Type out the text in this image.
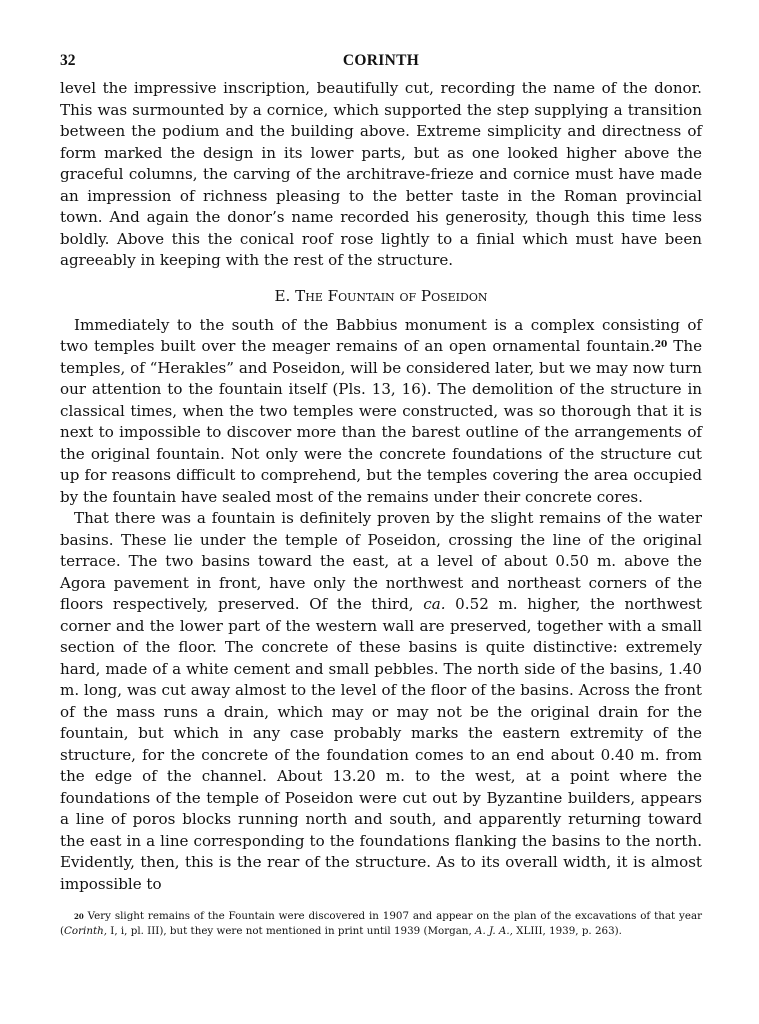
32	CORINTH

level the impressive inscription, beautifully cut, recording the name of the donor. This was surmounted by a cornice, which supported the step supplying a transition between the podium and the building above. Extreme simplicity and directness of form marked the design in its lower parts, but as one looked higher above the graceful columns, the carving of the architrave-frieze and cornice must have made an impression of richness pleasing to the better taste in the Roman provincial town. And again the donor’s name recorded his generosity, though this time less boldly. Above this the conical roof rose lightly to a finial which must have been agreeably in keeping with the rest of the structure.

E. The Fountain of Poseidon

Immediately to the south of the Babbius monument is a complex consisting of two temples built over the meager remains of an open ornamental fountain.$^{20}$ The temples, of “Herakles” and Poseidon, will be considered later, but we may now turn our attention to the fountain itself (Pls. 13, 16). The demolition of the structure in classical times, when the two temples were constructed, was so thorough that it is next to impossible to discover more than the barest outline of the arrangements of the original fountain. Not only were the concrete foundations of the structure cut up for reasons difficult to comprehend, but the temples covering the area occupied by the fountain have sealed most of the remains under their concrete cores.

That there was a fountain is definitely proven by the slight remains of the water basins. These lie under the temple of Poseidon, crossing the line of the original terrace. The two basins toward the east, at a level of about 0.50 m. above the Agora pavement in front, have only the northwest and northeast corners of the floors respectively, preserved. Of the third, ca. 0.52 m. higher, the northwest corner and the lower part of the western wall are preserved, together with a small section of the floor. The concrete of these basins is quite distinctive: extremely hard, made of a white cement and small pebbles. The north side of the basins, 1.40 m. long, was cut away almost to the level of the floor of the basins. Across the front of the mass runs a drain, which may or may not be the original drain for the fountain, but which in any case probably marks the eastern extremity of the structure, for the concrete of the foundation comes to an end about 0.40 m. from the edge of the channel. About 13.20 m. to the west, at a point where the foundations of the temple of Poseidon were cut out by Byzantine builders, appears a line of poros blocks running north and south, and apparently returning toward the east in a line corresponding to the foundations flanking the basins to the north. Evidently, then, this is the rear of the structure. As to its overall width, it is almost impossible to

$^{20}$ Very slight remains of the Fountain were discovered in 1907 and appear on the plan of the excavations of that year (Corinth, I, i, pl. III), but they were not mentioned in print until 1939 (Morgan, A. J. A., XLIII, 1939, p. 263).
